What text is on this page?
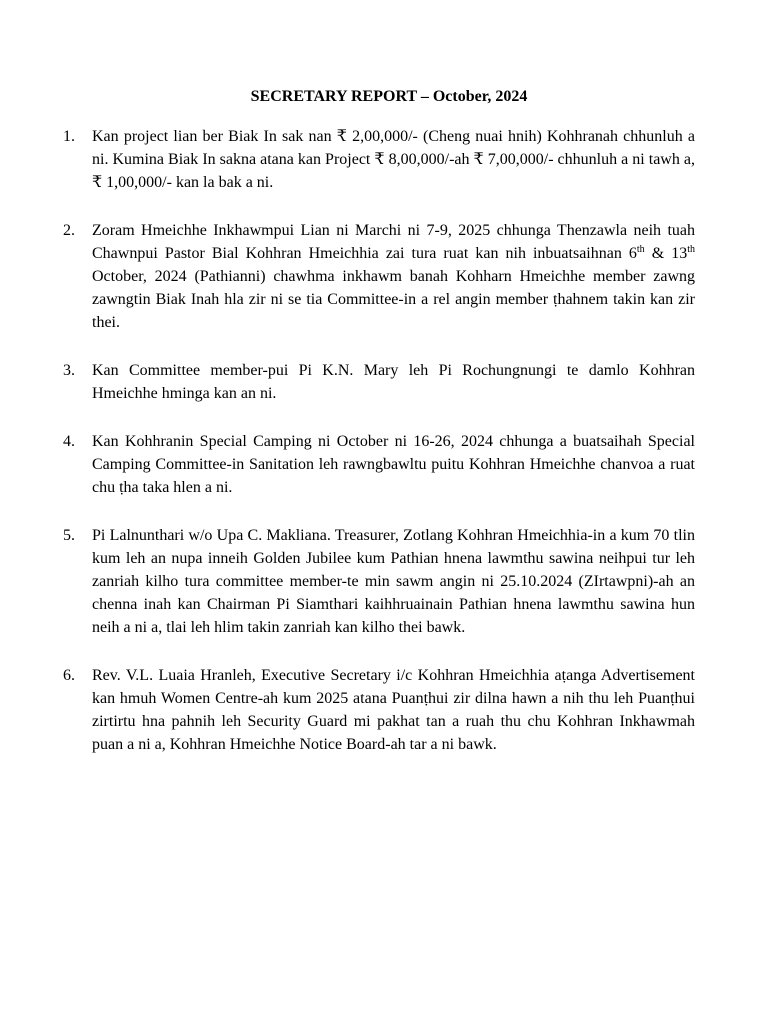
SECRETARY REPORT – October, 2024
1.	Kan project lian ber Biak In sak nan ₹ 2,00,000/- (Cheng nuai hnih) Kohhranah chhunluh a ni. Kumina Biak In sakna atana kan Project ₹ 8,00,000/-ah ₹ 7,00,000/- chhunluh a ni tawh a, ₹ 1,00,000/- kan la bak a ni.
2.	Zoram Hmeichhe Inkhawmpui Lian ni Marchi ni 7-9, 2025 chhunga Thenzawla neih tuah Chawnpui Pastor Bial Kohhran Hmeichhia zai tura ruat kan nih inbuatsaihnan 6th & 13th October, 2024 (Pathianni) chawhma inkhawm banah Kohharn Hmeichhe member zawng zawngtin Biak Inah hla zir ni se tia Committee-in a rel angin member ṭhahnem takin kan zir thei.
3.	Kan Committee member-pui Pi K.N. Mary leh Pi Rochungnungi te damlo Kohhran Hmeichhe hminga kan an ni.
4.	Kan Kohhranin Special Camping ni October ni 16-26, 2024 chhunga a buatsaihah Special Camping Committee-in Sanitation leh rawngbawltu puitu Kohhran Hmeichhe chanvoa a ruat chu ṭha taka hlen a ni.
5.	Pi Lalnunthari w/o Upa C. Makliana. Treasurer, Zotlang Kohhran Hmeichhia-in a kum 70 tlin kum leh an nupa inneih Golden Jubilee kum Pathian hnena lawmthu sawina neihpui tur leh zanriah kilho tura committee member-te min sawm angin ni 25.10.2024 (ZIrtawpni)-ah an chenna inah kan Chairman Pi Siamthari kaihhruainain Pathian hnena lawmthu sawina hun neih a ni a, tlai leh hlim takin zanriah kan kilho thei bawk.
6.	Rev. V.L. Luaia Hranleh, Executive Secretary i/c Kohhran Hmeichhia aṭanga Advertisement kan hmuh Women Centre-ah kum 2025 atana Puanṭhui zir dilna hawn a nih thu leh Puanṭhui zirtirtu hna pahnih leh Security Guard mi pakhat tan a ruah thu chu Kohhran Inkhawmah puan a ni a, Kohhran Hmeichhe Notice Board-ah tar a ni bawk.
